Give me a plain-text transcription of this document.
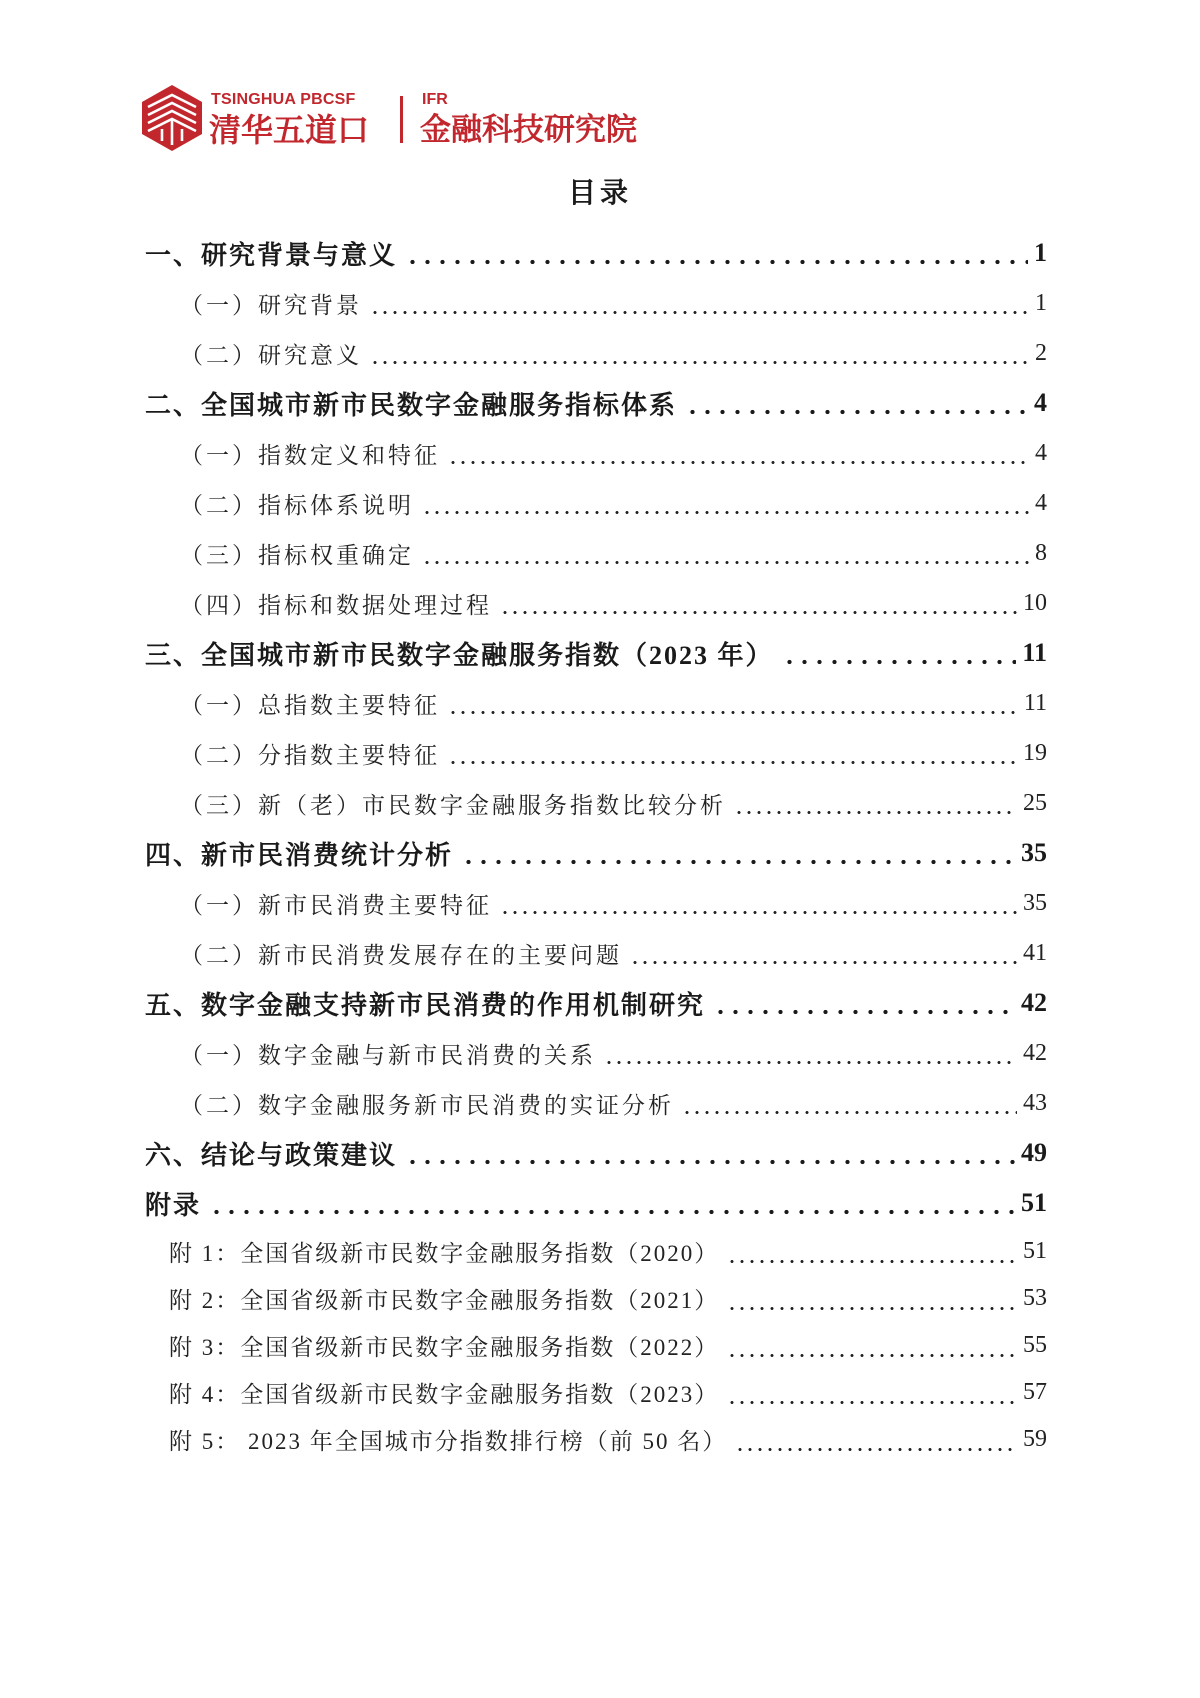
TSINGHUA PBCSF
清华五道口
IFR
金融科技研究院
目录
一、研究背景与意义	1
（一）研究背景	1
（二）研究意义	2
二、全国城市新市民数字金融服务指标体系	4
（一）指数定义和特征	4
（二）指标体系说明	4
（三）指标权重确定	8
（四）指标和数据处理过程	10
三、全国城市新市民数字金融服务指数（2023 年）	11
（一）总指数主要特征	11
（二）分指数主要特征	19
（三）新（老）市民数字金融服务指数比较分析	25
四、新市民消费统计分析	35
（一）新市民消费主要特征	35
（二）新市民消费发展存在的主要问题	41
五、数字金融支持新市民消费的作用机制研究	42
（一）数字金融与新市民消费的关系	42
（二）数字金融服务新市民消费的实证分析	43
六、结论与政策建议	49
附录	51
附 1：全国省级新市民数字金融服务指数（2020）	51
附 2：全国省级新市民数字金融服务指数（2021）	53
附 3：全国省级新市民数字金融服务指数（2022）	55
附 4：全国省级新市民数字金融服务指数（2023）	57
附 5： 2023 年全国城市分指数排行榜（前 50 名）	59
